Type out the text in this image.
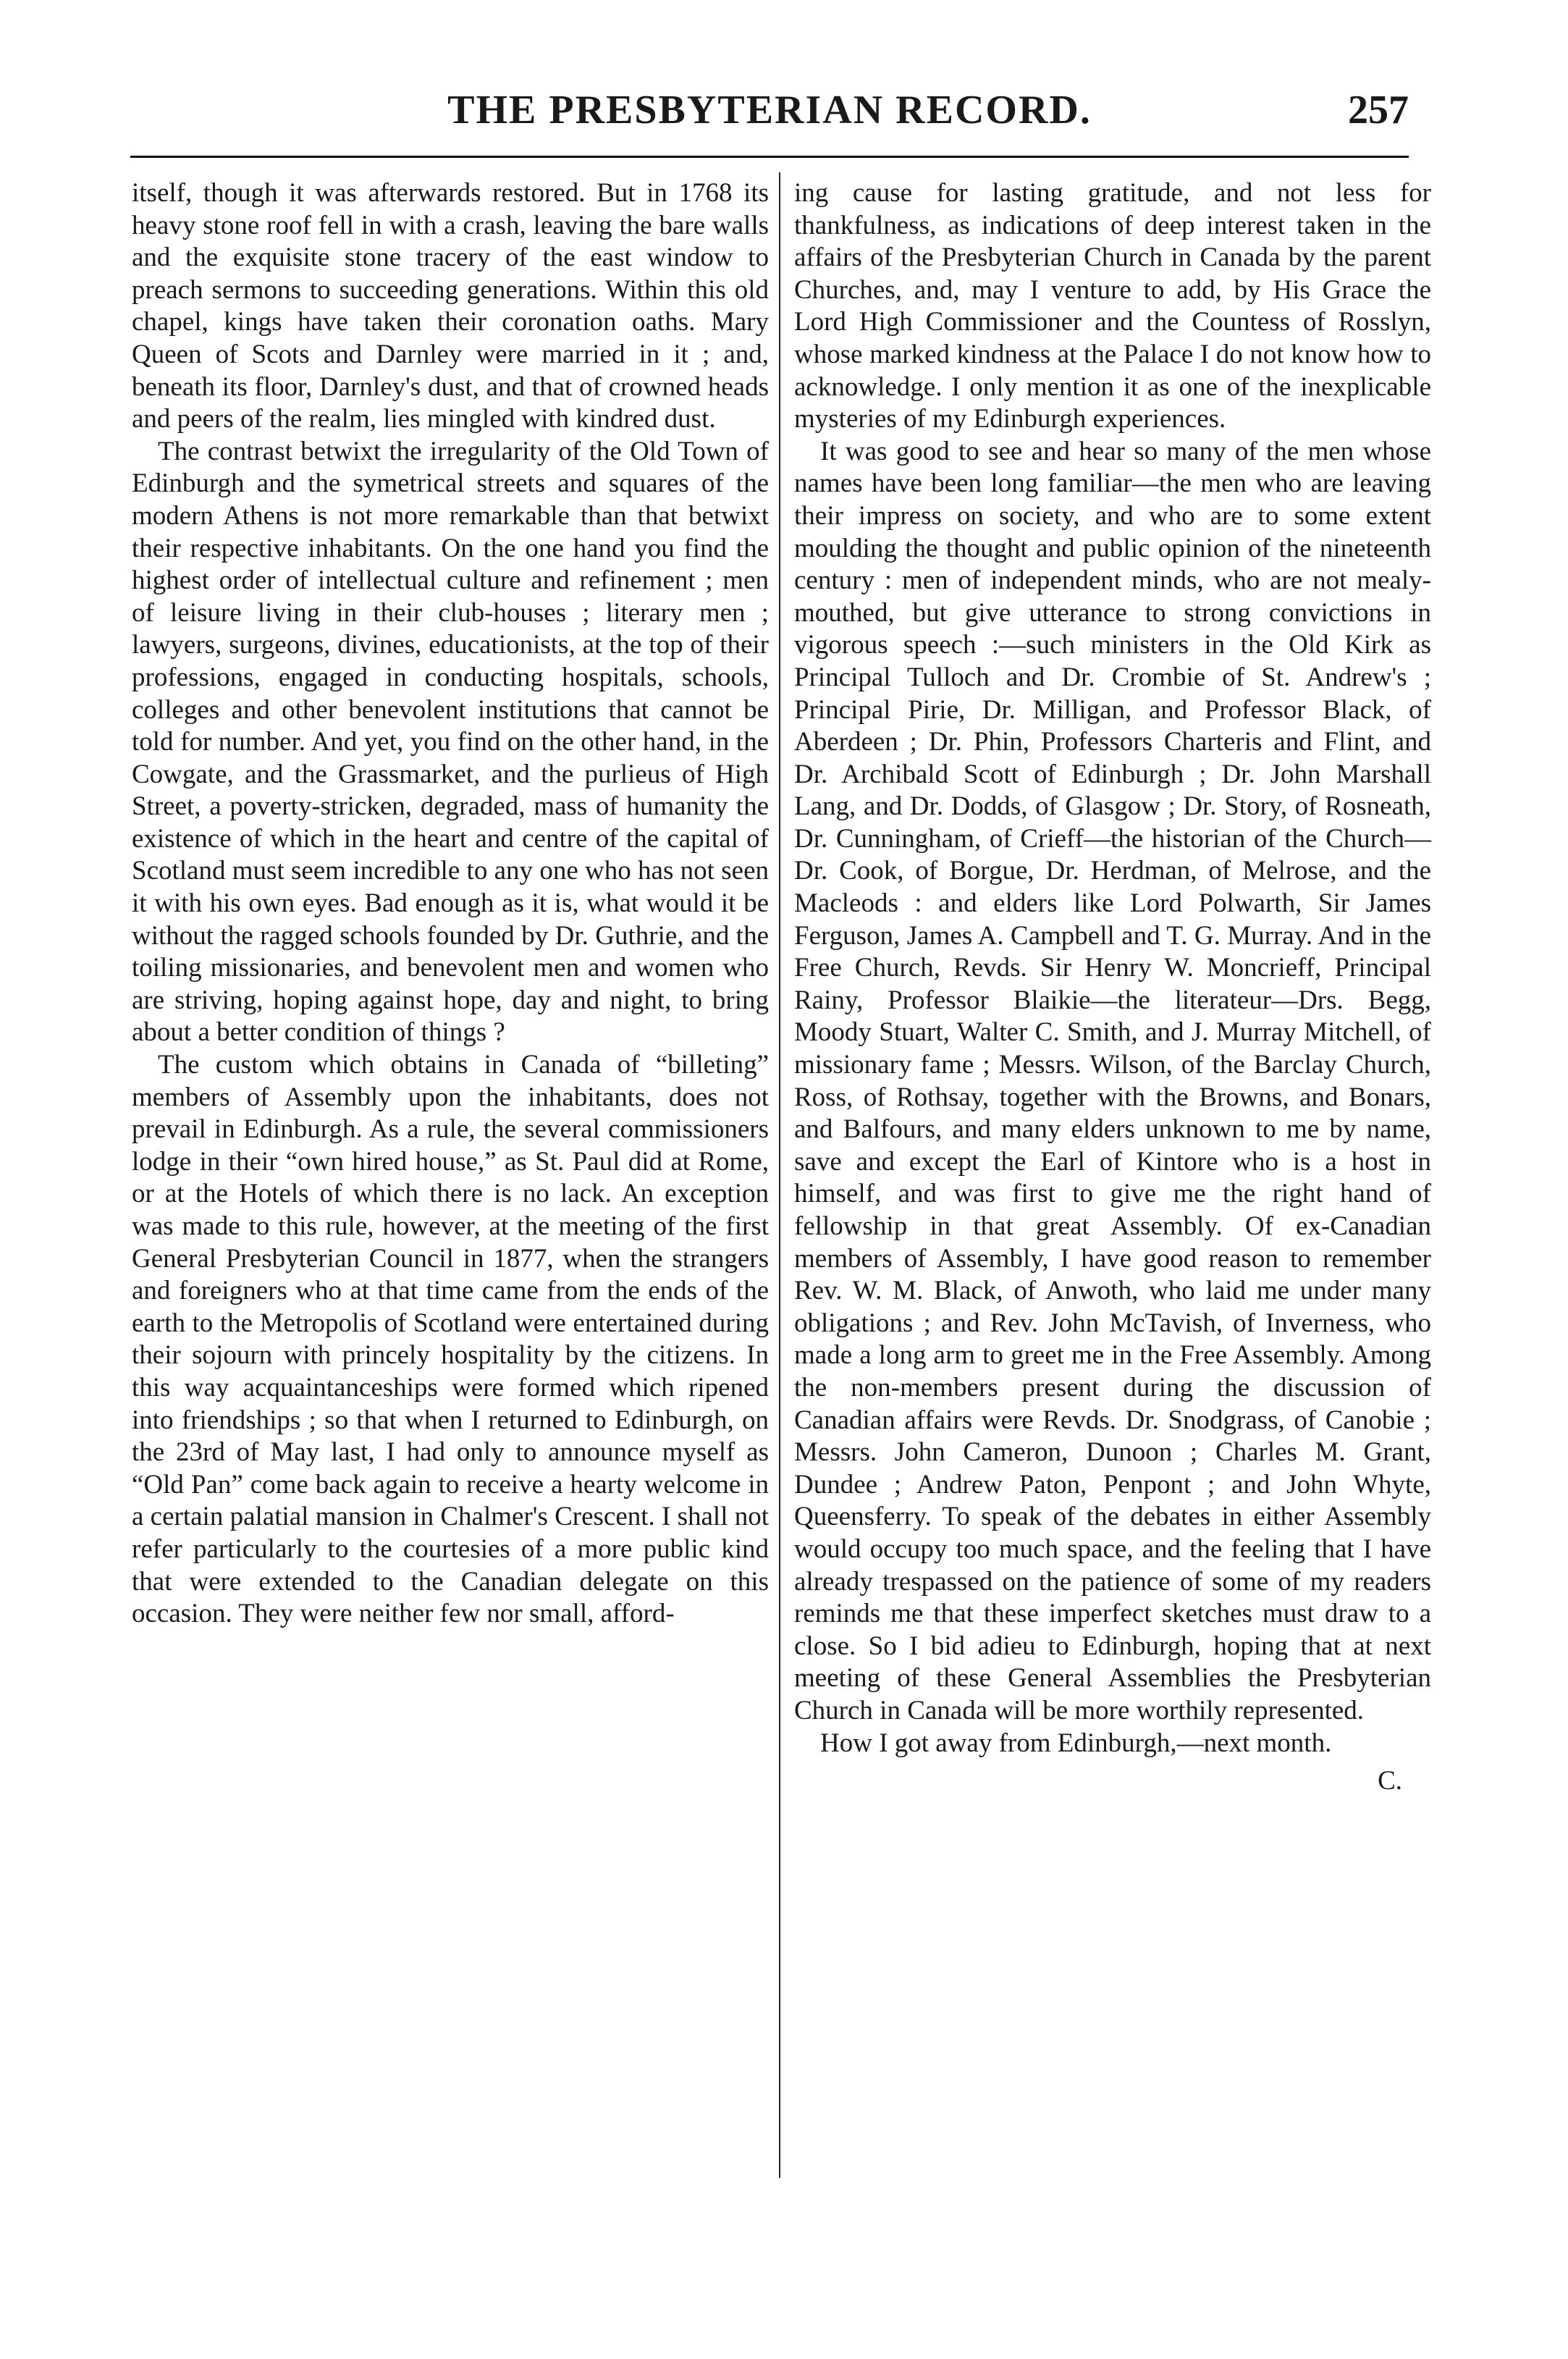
THE PRESBYTERIAN RECORD.	257

itself, though it was afterwards restored. But in 1768 its heavy stone roof fell in with a crash, leaving the bare walls and the exquisite stone tracery of the east window to preach sermons to succeeding generations. Within this old chapel, kings have taken their coronation oaths. Mary Queen of Scots and Darnley were married in it ; and, beneath its floor, Darnley's dust, and that of crowned heads and peers of the realm, lies mingled with kindred dust.

The contrast betwixt the irregularity of the Old Town of Edinburgh and the symetrical streets and squares of the modern Athens is not more remarkable than that betwixt their respective inhabitants. On the one hand you find the highest order of intellectual culture and refinement ; men of leisure living in their club-houses ; literary men ; lawyers, surgeons, divines, educationists, at the top of their professions, engaged in conducting hospitals, schools, colleges and other benevolent institutions that cannot be told for number. And yet, you find on the other hand, in the Cowgate, and the Grassmarket, and the purlieus of High Street, a poverty-stricken, degraded, mass of humanity the existence of which in the heart and centre of the capital of Scotland must seem incredible to any one who has not seen it with his own eyes. Bad enough as it is, what would it be without the ragged schools founded by Dr. Guthrie, and the toiling missionaries, and benevolent men and women who are striving, hoping against hope, day and night, to bring about a better condition of things ?

The custom which obtains in Canada of “billeting” members of Assembly upon the inhabitants, does not prevail in Edinburgh. As a rule, the several commissioners lodge in their “own hired house,” as St. Paul did at Rome, or at the Hotels of which there is no lack. An exception was made to this rule, however, at the meeting of the first General Presbyterian Council in 1877, when the strangers and foreigners who at that time came from the ends of the earth to the Metropolis of Scotland were entertained during their sojourn with princely hospitality by the citizens. In this way acquaintanceships were formed which ripened into friendships ; so that when I returned to Edinburgh, on the 23rd of May last, I had only to announce myself as “Old Pan” come back again to receive a hearty welcome in a certain palatial mansion in Chalmer's Crescent. I shall not refer particularly to the courtesies of a more public kind that were extended to the Canadian delegate on this occasion. They were neither few nor small, afford-

ing cause for lasting gratitude, and not less for thankfulness, as indications of deep interest taken in the affairs of the Presbyterian Church in Canada by the parent Churches, and, may I venture to add, by His Grace the Lord High Commissioner and the Countess of Rosslyn, whose marked kindness at the Palace I do not know how to acknowledge. I only mention it as one of the inexplicable mysteries of my Edinburgh experiences.

It was good to see and hear so many of the men whose names have been long familiar—the men who are leaving their impress on society, and who are to some extent moulding the thought and public opinion of the nineteenth century : men of independent minds, who are not mealy-mouthed, but give utterance to strong convictions in vigorous speech :—such ministers in the Old Kirk as Principal Tulloch and Dr. Crombie of St. Andrew's ; Principal Pirie, Dr. Milligan, and Professor Black, of Aberdeen ; Dr. Phin, Professors Charteris and Flint, and Dr. Archibald Scott of Edinburgh ; Dr. John Marshall Lang, and Dr. Dodds, of Glasgow ; Dr. Story, of Rosneath, Dr. Cunningham, of Crieff—the historian of the Church—Dr. Cook, of Borgue, Dr. Herdman, of Melrose, and the Macleods : and elders like Lord Polwarth, Sir James Ferguson, James A. Campbell and T. G. Murray. And in the Free Church, Revds. Sir Henry W. Moncrieff, Principal Rainy, Professor Blaikie—the literateur—Drs. Begg, Moody Stuart, Walter C. Smith, and J. Murray Mitchell, of missionary fame ; Messrs. Wilson, of the Barclay Church, Ross, of Rothsay, together with the Browns, and Bonars, and Balfours, and many elders unknown to me by name, save and except the Earl of Kintore who is a host in himself, and was first to give me the right hand of fellowship in that great Assembly. Of ex-Canadian members of Assembly, I have good reason to remember Rev. W. M. Black, of Anwoth, who laid me under many obligations ; and Rev. John McTavish, of Inverness, who made a long arm to greet me in the Free Assembly. Among the non-members present during the discussion of Canadian affairs were Revds. Dr. Snodgrass, of Canobie ; Messrs. John Cameron, Dunoon ; Charles M. Grant, Dundee ; Andrew Paton, Penpont ; and John Whyte, Queensferry. To speak of the debates in either Assembly would occupy too much space, and the feeling that I have already trespassed on the patience of some of my readers reminds me that these imperfect sketches must draw to a close. So I bid adieu to Edinburgh, hoping that at next meeting of these General Assemblies the Presbyterian Church in Canada will be more worthily represented.

How I got away from Edinburgh,—next month.

C.
